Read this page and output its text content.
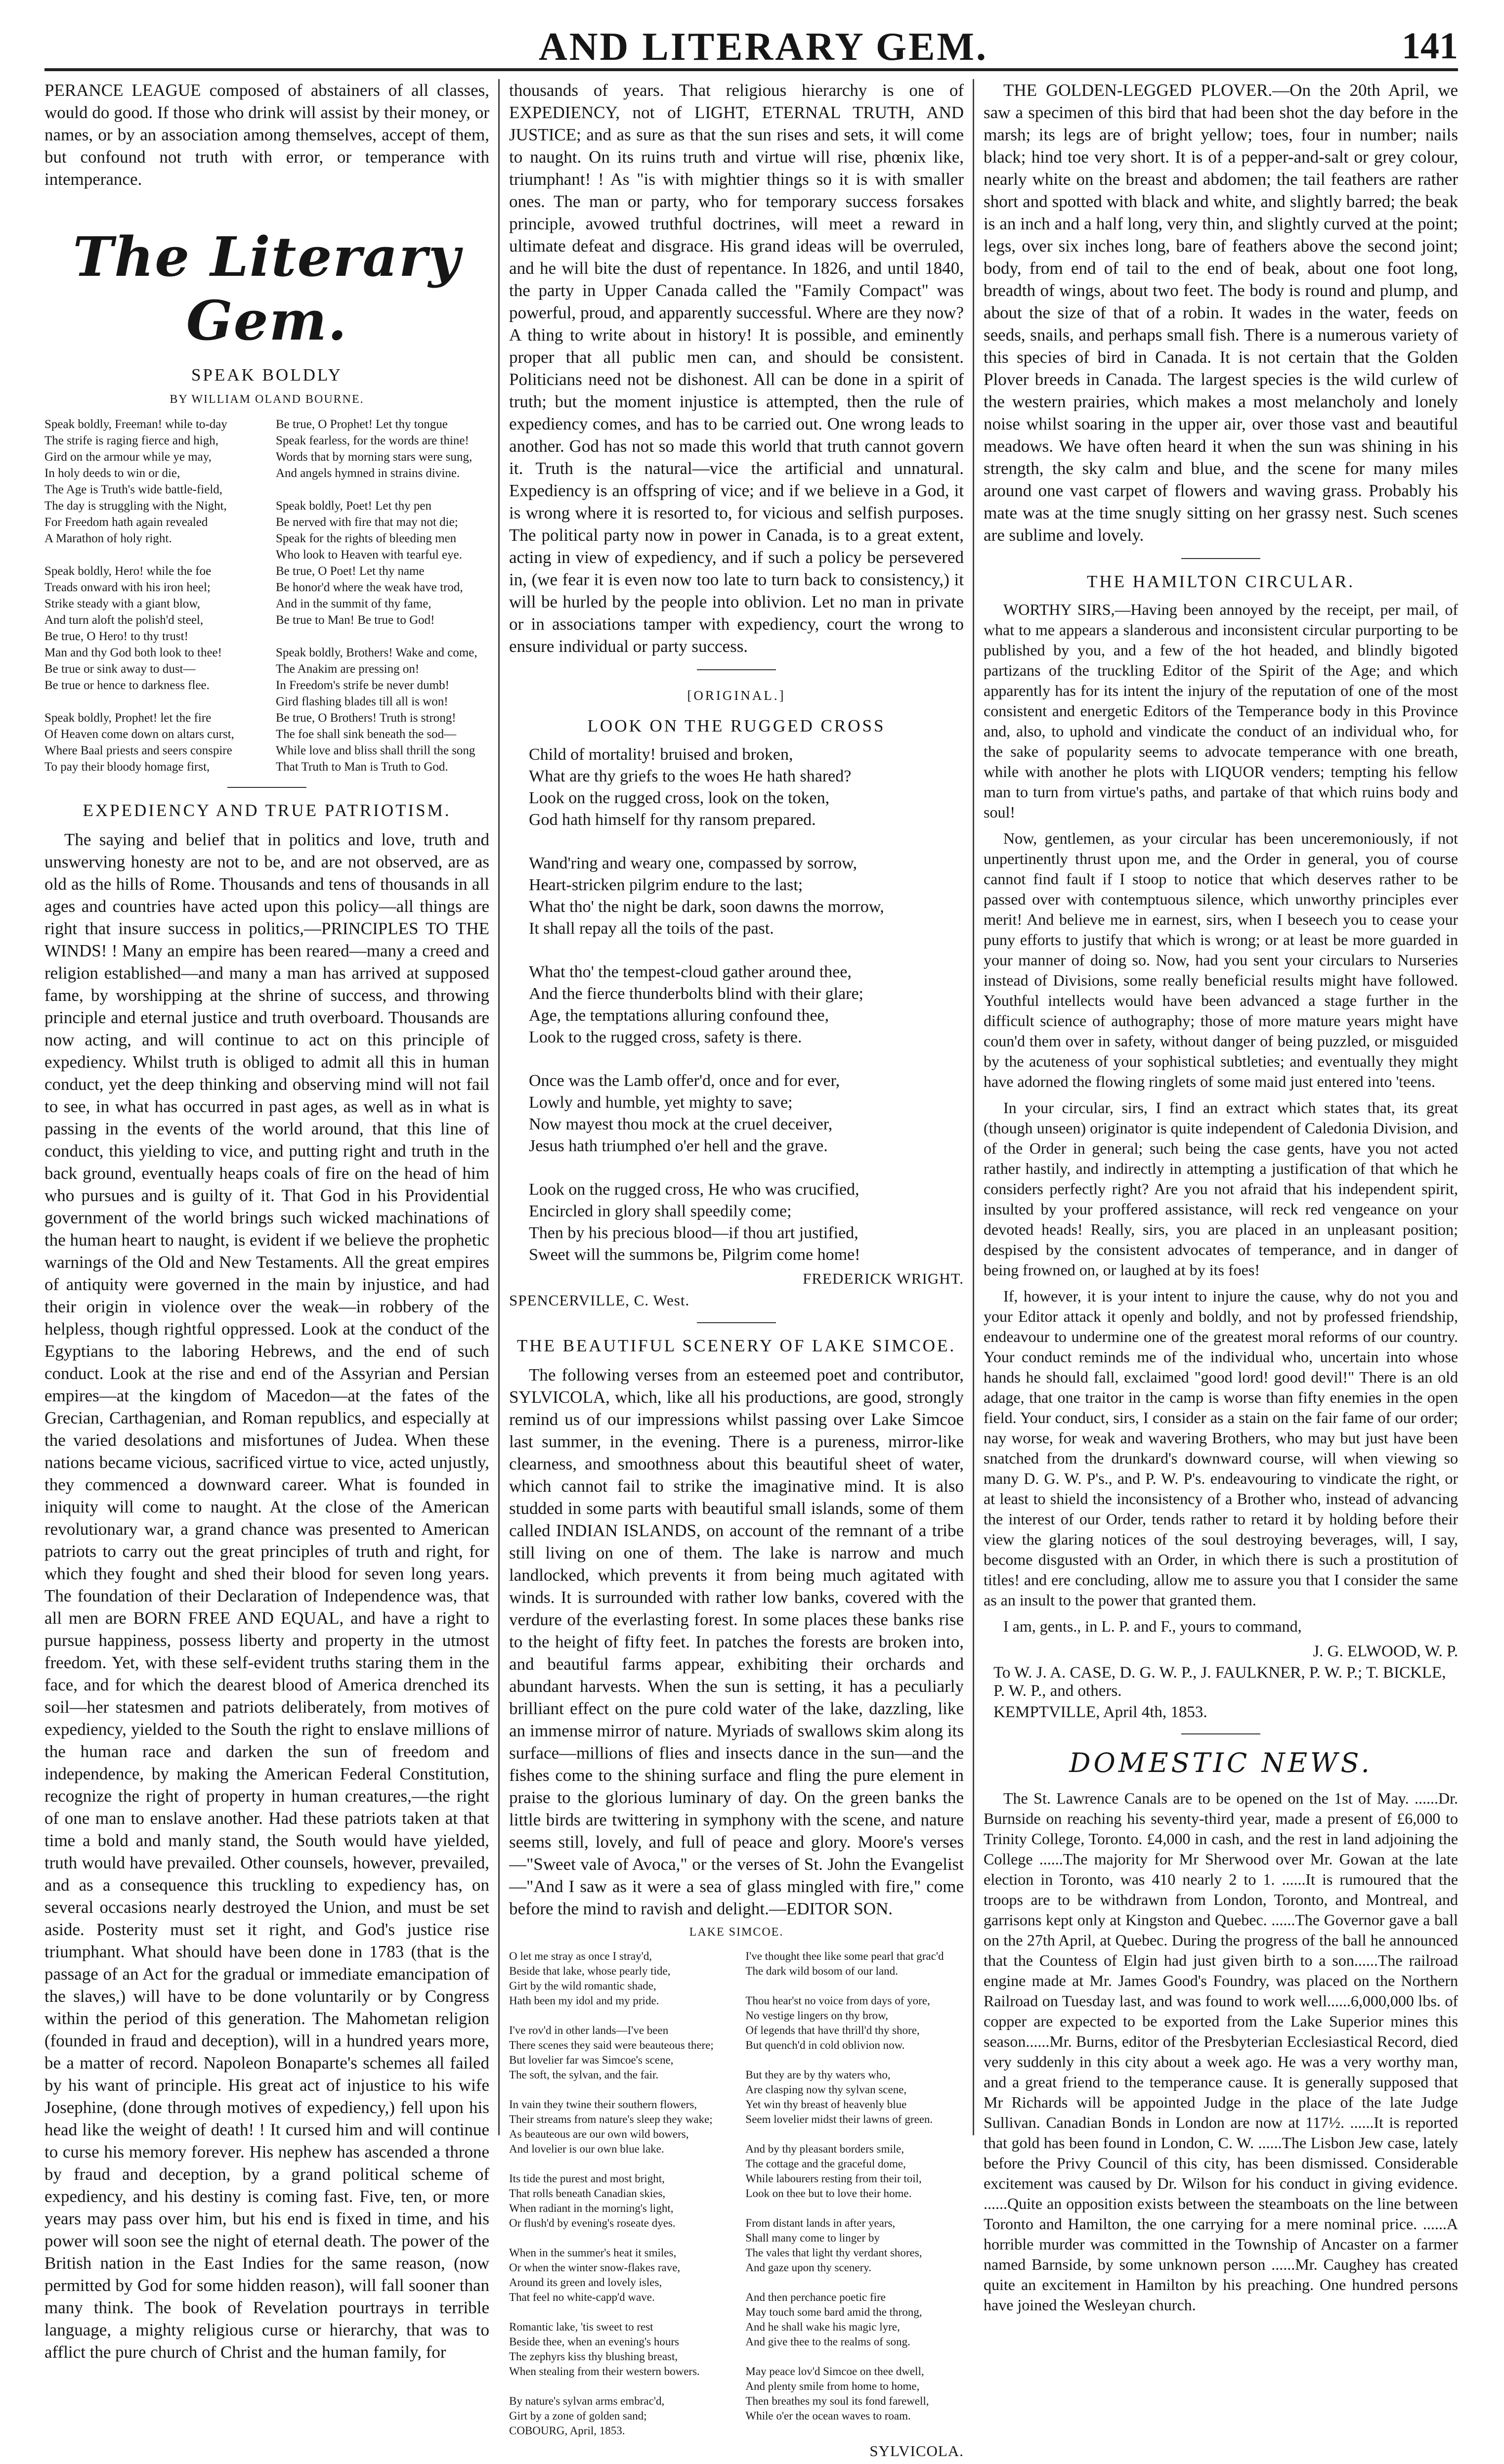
AND LITERARY GEM.	141

PERANCE LEAGUE composed of abstainers of all classes, would do good. If those who drink will assist by their money, or names, or by an association among themselves, accept of them, but confound not truth with error, or temperance with intemperance.

The Literary Gem.
SPEAK BOLDLY
BY WILLIAM OLAND BOURNE.
Speak boldly, Freeman! while to-day
The strife is raging fierce and high,
Gird on the armour while ye may,
In holy deeds to win or die,
The Age is Truth's wide battle-field,
The day is struggling with the Night,
For Freedom hath again revealed
A Marathon of holy right.

Speak boldly, Hero! while the foe
Treads onward with his iron heel;
Strike steady with a giant blow,
And turn aloft the polish'd steel,
Be true, O Hero! to thy trust!
Man and thy God both look to thee!
Be true or sink away to dust—
Be true or hence to darkness flee.

Speak boldly, Prophet! let the fire
Of Heaven come down on altars curst,
Where Baal priests and seers conspire
To pay their bloody homage first,
Be true, O Prophet! Let thy tongue
Speak fearless, for the words are thine!
Words that by morning stars were sung,
And angels hymned in strains divine.

Speak boldly, Poet! Let thy pen
Be nerved with fire that may not die;
Speak for the rights of bleeding men
Who look to Heaven with tearful eye.
Be true, O Poet! Let thy name
Be honor'd where the weak have trod,
And in the summit of thy fame,
Be true to Man! Be true to God!

Speak boldly, Brothers! Wake and come,
The Anakim are pressing on!
In Freedom's strife be never dumb!
Gird flashing blades till all is won!
Be true, O Brothers! Truth is strong!
The foe shall sink beneath the sod—
While love and bliss shall thrill the song
That Truth to Man is Truth to God.
EXPEDIENCY AND TRUE PATRIOTISM.

The saying and belief that in politics and love, truth and unswerving honesty are not to be, and are not observed, are as old as the hills of Rome. Thousands and tens of thousands in all ages and countries have acted upon this policy—all things are right that insure success in politics,—PRINCIPLES TO THE WINDS! ! Many an empire has been reared—many a creed and religion established—and many a man has arrived at supposed fame, by worshipping at the shrine of success, and throwing principle and eternal justice and truth overboard. Thousands are now acting, and will continue to act on this principle of expediency. Whilst truth is obliged to admit all this in human conduct, yet the deep thinking and observing mind will not fail to see, in what has occurred in past ages, as well as in what is passing in the events of the world around, that this line of conduct, this yielding to vice, and putting right and truth in the back ground, eventually heaps coals of fire on the head of him who pursues and is guilty of it. That God in his Providential government of the world brings such wicked machinations of the human heart to naught, is evident if we believe the prophetic warnings of the Old and New Testaments. All the great empires of antiquity were governed in the main by injustice, and had their origin in violence over the weak—in robbery of the helpless, though rightful oppressed. Look at the conduct of the Egyptians to the laboring Hebrews, and the end of such conduct. Look at the rise and end of the Assyrian and Persian empires—at the kingdom of Macedon—at the fates of the Grecian, Carthagenian, and Roman republics, and especially at the varied desolations and misfortunes of Judea. When these nations became vicious, sacrificed virtue to vice, acted unjustly, they commenced a downward career. What is founded in iniquity will come to naught. At the close of the American revolutionary war, a grand chance was presented to American patriots to carry out the great principles of truth and right, for which they fought and shed their blood for seven long years. The foundation of their Declaration of Independence was, that all men are BORN FREE AND EQUAL, and have a right to pursue happiness, possess liberty and property in the utmost freedom. Yet, with these self-evident truths staring them in the face, and for which the dearest blood of America drenched its soil—her statesmen and patriots deliberately, from motives of expediency, yielded to the South the right to enslave millions of the human race and darken the sun of freedom and independence, by making the American Federal Constitution, recognize the right of property in human creatures,—the right of one man to enslave another. Had these patriots taken at that time a bold and manly stand, the South would have yielded, truth would have prevailed. Other counsels, however, prevailed, and as a consequence this truckling to expediency has, on several occasions nearly destroyed the Union, and must be set aside. Posterity must set it right, and God's justice rise triumphant. What should have been done in 1783 (that is the passage of an Act for the gradual or immediate emancipation of the slaves,) will have to be done voluntarily or by Congress within the period of this generation. The Mahometan religion (founded in fraud and deception), will in a hundred years more, be a matter of record. Napoleon Bonaparte's schemes all failed by his want of principle. His great act of injustice to his wife Josephine, (done through motives of expediency,) fell upon his head like the weight of death! ! It cursed him and will continue to curse his memory forever. His nephew has ascended a throne by fraud and deception, by a grand political scheme of expediency, and his destiny is coming fast. Five, ten, or more years may pass over him, but his end is fixed in time, and his power will soon see the night of eternal death. The power of the British nation in the East Indies for the same reason, (now permitted by God for some hidden reason), will fall sooner than many think. The book of Revelation pourtrays in terrible language, a mighty religious curse or hierarchy, that was to afflict the pure church of Christ and the human family, for

thousands of years. That religious hierarchy is one of EXPEDIENCY, not of LIGHT, ETERNAL TRUTH, AND JUSTICE; and as sure as that the sun rises and sets, it will come to naught. On its ruins truth and virtue will rise, phœnix like, triumphant! ! As "is with mightier things so it is with smaller ones. The man or party, who for temporary success forsakes principle, avowed truthful doctrines, will meet a reward in ultimate defeat and disgrace. His grand ideas will be overruled, and he will bite the dust of repentance. In 1826, and until 1840, the party in Upper Canada called the "Family Compact" was powerful, proud, and apparently successful. Where are they now? A thing to write about in history! It is possible, and eminently proper that all public men can, and should be consistent. Politicians need not be dishonest. All can be done in a spirit of truth; but the moment injustice is attempted, then the rule of expediency comes, and has to be carried out. One wrong leads to another. God has not so made this world that truth cannot govern it. Truth is the natural—vice the artificial and unnatural. Expediency is an offspring of vice; and if we believe in a God, it is wrong where it is resorted to, for vicious and selfish purposes. The political party now in power in Canada, is to a great extent, acting in view of expediency, and if such a policy be persevered in, (we fear it is even now too late to turn back to consistency,) it will be hurled by the people into oblivion. Let no man in private or in associations tamper with expediency, court the wrong to ensure individual or party success.

[ORIGINAL.]
LOOK ON THE RUGGED CROSS
Child of mortality! bruised and broken,
What are thy griefs to the woes He hath shared?
Look on the rugged cross, look on the token,
God hath himself for thy ransom prepared.

Wand'ring and weary one, compassed by sorrow,
Heart-stricken pilgrim endure to the last;
What tho' the night be dark, soon dawns the morrow,
It shall repay all the toils of the past.

What tho' the tempest-cloud gather around thee,
And the fierce thunderbolts blind with their glare;
Age, the temptations alluring confound thee,
Look to the rugged cross, safety is there.

Once was the Lamb offer'd, once and for ever,
Lowly and humble, yet mighty to save;
Now mayest thou mock at the cruel deceiver,
Jesus hath triumphed o'er hell and the grave.

Look on the rugged cross, He who was crucified,
Encircled in glory shall speedily come;
Then by his precious blood—if thou art justified,
Sweet will the summons be, Pilgrim come home!
FREDERICK WRIGHT.
SPENCERVILLE, C. West.
THE BEAUTIFUL SCENERY OF LAKE SIMCOE.

The following verses from an esteemed poet and contributor, SYLVICOLA, which, like all his productions, are good, strongly remind us of our impressions whilst passing over Lake Simcoe last summer, in the evening. There is a pureness, mirror-like clearness, and smoothness about this beautiful sheet of water, which cannot fail to strike the imaginative mind. It is also studded in some parts with beautiful small islands, some of them called INDIAN ISLANDS, on account of the remnant of a tribe still living on one of them. The lake is narrow and much landlocked, which prevents it from being much agitated with winds. It is surrounded with rather low banks, covered with the verdure of the everlasting forest. In some places these banks rise to the height of fifty feet. In patches the forests are broken into, and beautiful farms appear, exhibiting their orchards and abundant harvests. When the sun is setting, it has a peculiarly brilliant effect on the pure cold water of the lake, dazzling, like an immense mirror of nature. Myriads of swallows skim along its surface—millions of flies and insects dance in the sun—and the fishes come to the shining surface and fling the pure element in praise to the glorious luminary of day. On the green banks the little birds are twittering in symphony with the scene, and nature seems still, lovely, and full of peace and glory. Moore's verses—"Sweet vale of Avoca," or the verses of St. John the Evangelist—"And I saw as it were a sea of glass mingled with fire," come before the mind to ravish and delight.—EDITOR SON.

LAKE SIMCOE.
O let me stray as once I stray'd,
Beside that lake, whose pearly tide,
Girt by the wild romantic shade,
Hath been my idol and my pride.

I've rov'd in other lands—I've been
There scenes they said were beauteous there;
But lovelier far was Simcoe's scene,
The soft, the sylvan, and the fair.

In vain they twine their southern flowers,
Their streams from nature's sleep they wake;
As beauteous are our own wild bowers,
And lovelier is our own blue lake.

Its tide the purest and most bright,
That rolls beneath Canadian skies,
When radiant in the morning's light,
Or flush'd by evening's roseate dyes.

When in the summer's heat it smiles,
Or when the winter snow-flakes rave,
Around its green and lovely isles,
That feel no white-capp'd wave.

Romantic lake, 'tis sweet to rest
Beside thee, when an evening's hours
The zephyrs kiss thy blushing breast,
When stealing from their western bowers.

By nature's sylvan arms embrac'd,
Girt by a zone of golden sand;
COBOURG, April, 1853.
I've thought thee like some pearl that grac'd
The dark wild bosom of our land.

Thou hear'st no voice from days of yore,
No vestige lingers on thy brow,
Of legends that have thrill'd thy shore,
But quench'd in cold oblivion now.

But they are by thy waters who,
Are clasping now thy sylvan scene,
Yet win thy breast of heavenly blue
Seem lovelier midst their lawns of green.

And by thy pleasant borders smile,
The cottage and the graceful dome,
While labourers resting from their toil,
Look on thee but to love their home.

From distant lands in after years,
Shall many come to linger by
The vales that light thy verdant shores,
And gaze upon thy scenery.

And then perchance poetic fire
May touch some bard amid the throng,
And he shall wake his magic lyre,
And give thee to the realms of song.

May peace lov'd Simcoe on thee dwell,
And plenty smile from home to home,
Then breathes my soul its fond farewell,
While o'er the ocean waves to roam.
SYLVICOLA.

THE GOLDEN-LEGGED PLOVER.—On the 20th April, we saw a specimen of this bird that had been shot the day before in the marsh; its legs are of bright yellow; toes, four in number; nails black; hind toe very short. It is of a pepper-and-salt or grey colour, nearly white on the breast and abdomen; the tail feathers are rather short and spotted with black and white, and slightly barred; the beak is an inch and a half long, very thin, and slightly curved at the point; legs, over six inches long, bare of feathers above the second joint; body, from end of tail to the end of beak, about one foot long, breadth of wings, about two feet. The body is round and plump, and about the size of that of a robin. It wades in the water, feeds on seeds, snails, and perhaps small fish. There is a numerous variety of this species of bird in Canada. It is not certain that the Golden Plover breeds in Canada. The largest species is the wild curlew of the western prairies, which makes a most melancholy and lonely noise whilst soaring in the upper air, over those vast and beautiful meadows. We have often heard it when the sun was shining in his strength, the sky calm and blue, and the scene for many miles around one vast carpet of flowers and waving grass. Probably his mate was at the time snugly sitting on her grassy nest. Such scenes are sublime and lovely.

THE HAMILTON CIRCULAR.

WORTHY SIRS,—Having been annoyed by the receipt, per mail, of what to me appears a slanderous and inconsistent circular purporting to be published by you, and a few of the hot headed, and blindly bigoted partizans of the truckling Editor of the Spirit of the Age; and which apparently has for its intent the injury of the reputation of one of the most consistent and energetic Editors of the Temperance body in this Province and, also, to uphold and vindicate the conduct of an individual who, for the sake of popularity seems to advocate temperance with one breath, while with another he plots with LIQUOR venders; tempting his fellow man to turn from virtue's paths, and partake of that which ruins body and soul!

Now, gentlemen, as your circular has been unceremoniously, if not unpertinently thrust upon me, and the Order in general, you of course cannot find fault if I stoop to notice that which deserves rather to be passed over with contemptuous silence, which unworthy principles ever merit! And believe me in earnest, sirs, when I beseech you to cease your puny efforts to justify that which is wrong; or at least be more guarded in your manner of doing so. Now, had you sent your circulars to Nurseries instead of Divisions, some really beneficial results might have followed. Youthful intellects would have been advanced a stage further in the difficult science of authography; those of more mature years might have coun'd them over in safety, without danger of being puzzled, or misguided by the acuteness of your sophistical subtleties; and eventually they might have adorned the flowing ringlets of some maid just entered into 'teens.

In your circular, sirs, I find an extract which states that, its great (though unseen) originator is quite independent of Caledonia Division, and of the Order in general; such being the case gents, have you not acted rather hastily, and indirectly in attempting a justification of that which he considers perfectly right? Are you not afraid that his independent spirit, insulted by your proffered assistance, will reck red vengeance on your devoted heads! Really, sirs, you are placed in an unpleasant position; despised by the consistent advocates of temperance, and in danger of being frowned on, or laughed at by its foes!

If, however, it is your intent to injure the cause, why do not you and your Editor attack it openly and boldly, and not by professed friendship, endeavour to undermine one of the greatest moral reforms of our country. Your conduct reminds me of the individual who, uncertain into whose hands he should fall, exclaimed "good lord! good devil!" There is an old adage, that one traitor in the camp is worse than fifty enemies in the open field. Your conduct, sirs, I consider as a stain on the fair fame of our order; nay worse, for weak and wavering Brothers, who may but just have been snatched from the drunkard's downward course, will when viewing so many D. G. W. P's., and P. W. P's. endeavouring to vindicate the right, or at least to shield the inconsistency of a Brother who, instead of advancing the interest of our Order, tends rather to retard it by holding before their view the glaring notices of the soul destroying beverages, will, I say, become disgusted with an Order, in which there is such a prostitution of titles! and ere concluding, allow me to assure you that I consider the same as an insult to the power that granted them.

I am, gents., in L. P. and F., yours to command,

J. G. ELWOOD, W. P.
To W. J. A. CASE, D. G. W. P., J. FAULKNER, P. W. P.; T. BICKLE, P. W. P., and others.
KEMPTVILLE, April 4th, 1853.
DOMESTIC NEWS.

The St. Lawrence Canals are to be opened on the 1st of May. ......Dr. Burnside on reaching his seventy-third year, made a present of £6,000 to Trinity College, Toronto. £4,000 in cash, and the rest in land adjoining the College ......The majority for Mr Sherwood over Mr. Gowan at the late election in Toronto, was 410 nearly 2 to 1. ......It is rumoured that the troops are to be withdrawn from London, Toronto, and Montreal, and garrisons kept only at Kingston and Quebec. ......The Governor gave a ball on the 27th April, at Quebec. During the progress of the ball he announced that the Countess of Elgin had just given birth to a son......The railroad engine made at Mr. James Good's Foundry, was placed on the Northern Railroad on Tuesday last, and was found to work well......6,000,000 lbs. of copper are expected to be exported from the Lake Superior mines this season......Mr. Burns, editor of the Presbyterian Ecclesiastical Record, died very suddenly in this city about a week ago. He was a very worthy man, and a great friend to the temperance cause. It is generally supposed that Mr Richards will be appointed Judge in the place of the late Judge Sullivan. Canadian Bonds in London are now at 117½. ......It is reported that gold has been found in London, C. W. ......The Lisbon Jew case, lately before the Privy Council of this city, has been dismissed. Considerable excitement was caused by Dr. Wilson for his conduct in giving evidence. ......Quite an opposition exists between the steamboats on the line between Toronto and Hamilton, the one carrying for a mere nominal price. ......A horrible murder was committed in the Township of Ancaster on a farmer named Barnside, by some unknown person ......Mr. Caughey has created quite an excitement in Hamilton by his preaching. One hundred persons have joined the Wesleyan church.
